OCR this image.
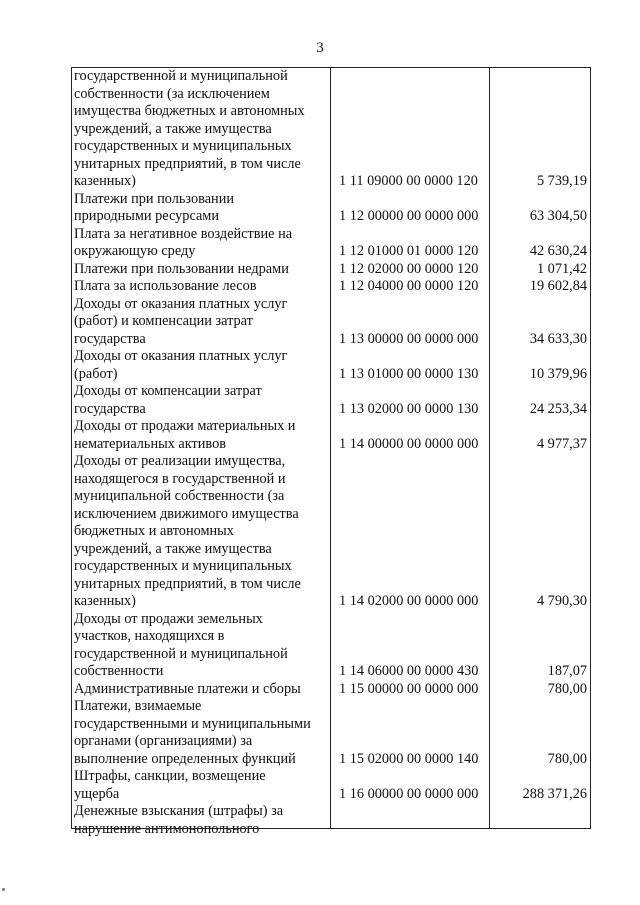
3
государственной и муниципальной
собственности (за исключением
имущества бюджетных и автономных
учреждений, а также имущества
государственных и муниципальных
унитарных предприятий, в том числе
казенных)	1 11 09000 00 0000 120	5 739,19
Платежи при пользовании
природными ресурсами	1 12 00000 00 0000 000	63 304,50
Плата за негативное воздействие на
окружающую среду	1 12 01000 01 0000 120	42 630,24
Платежи при пользовании недрами	1 12 02000 00 0000 120	1 071,42
Плата за использование лесов	1 12 04000 00 0000 120	19 602,84
Доходы от оказания платных услуг
(работ) и компенсации затрат
государства	1 13 00000 00 0000 000	34 633,30
Доходы от оказания платных услуг
(работ)	1 13 01000 00 0000 130	10 379,96
Доходы от компенсации затрат
государства	1 13 02000 00 0000 130	24 253,34
Доходы от продажи материальных и
нематериальных активов	1 14 00000 00 0000 000	4 977,37
Доходы от реализации имущества,
находящегося в государственной и
муниципальной собственности (за
исключением движимого имущества
бюджетных и автономных
учреждений, а также имущества
государственных и муниципальных
унитарных предприятий, в том числе
казенных)	1 14 02000 00 0000 000	4 790,30
Доходы от продажи земельных
участков, находящихся в
государственной и муниципальной
собственности	1 14 06000 00 0000 430	187,07
Административные платежи и сборы	1 15 00000 00 0000 000	780,00
Платежи, взимаемые
государственными и муниципальными
органами (организациями) за
выполнение определенных функций	1 15 02000 00 0000 140	780,00
Штрафы, санкции, возмещение
ущерба	1 16 00000 00 0000 000	288 371,26
Денежные взыскания (штрафы) за
нарушение антимонопольного
